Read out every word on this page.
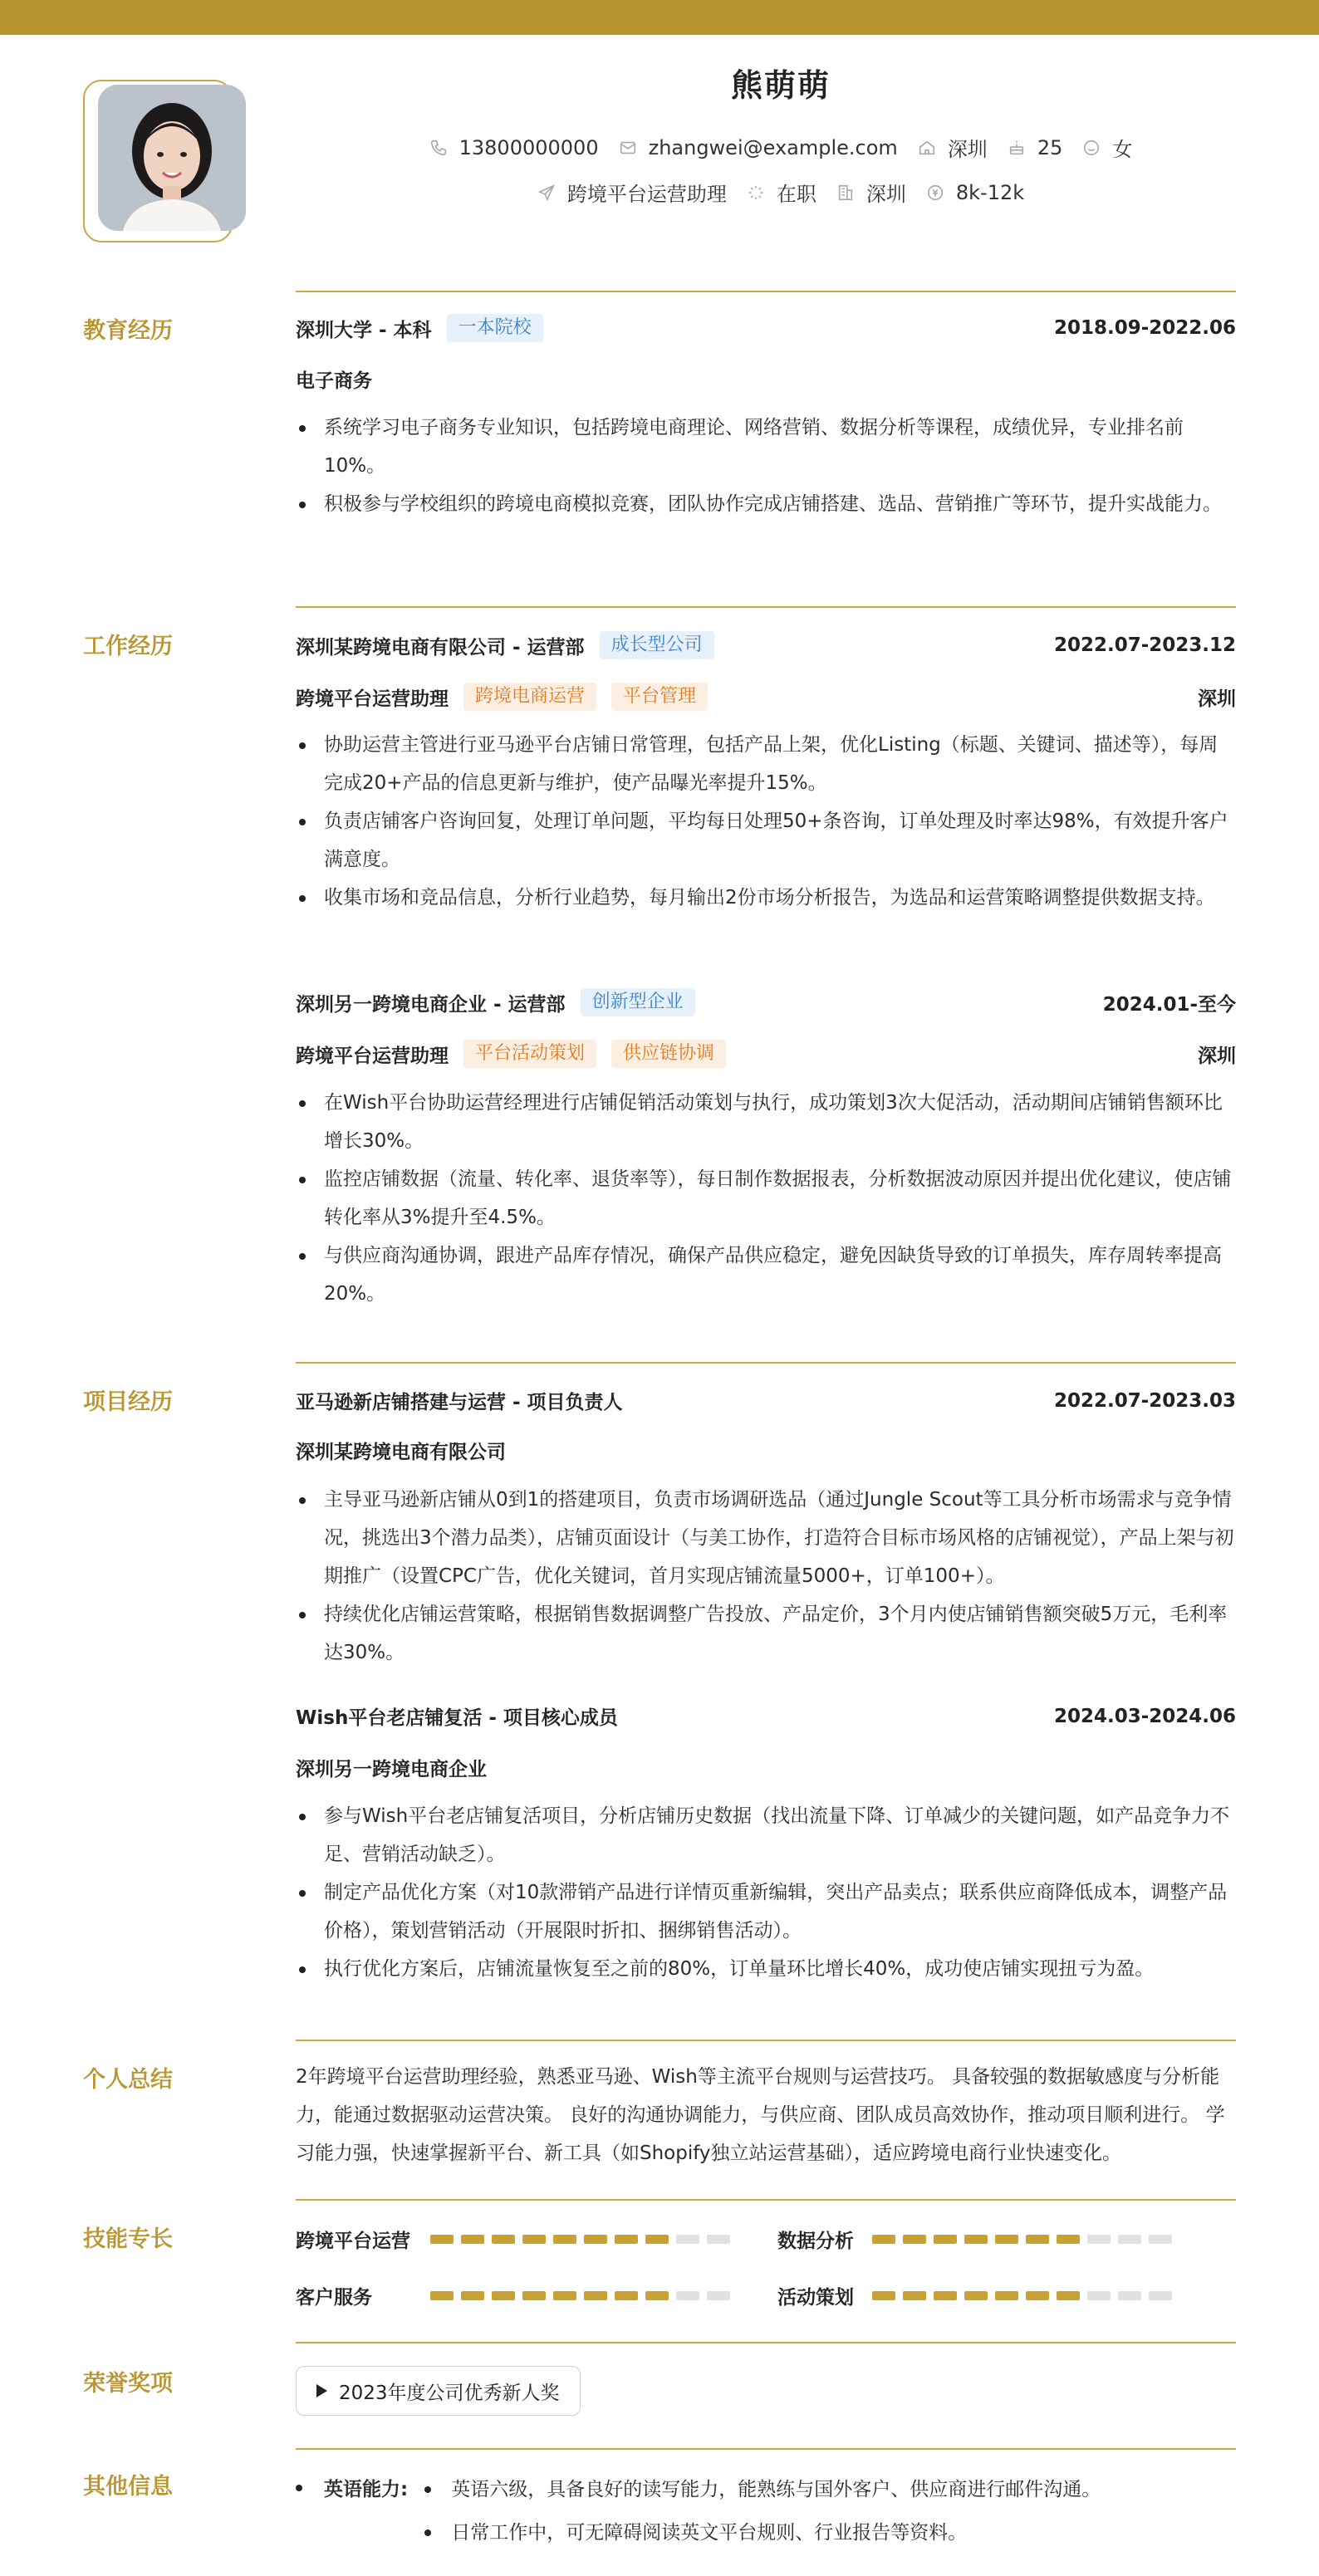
熊萌萌
13800000000	zhangwei@example.com	深圳	25	女
跨境平台运营助理	在职	深圳	8k-12k
教育经历	深圳大学 - 本科	一本院校	2018.09-2022.06
电子商务
系统学习电子商务专业知识，包括跨境电商理论、网络营销、数据分析等课程，成绩优异，专业排名前10%。
积极参与学校组织的跨境电商模拟竞赛，团队协作完成店铺搭建、选品、营销推广等环节，提升实战能力。
工作经历	深圳某跨境电商有限公司 - 运营部	成长型公司	2022.07-2023.12
跨境平台运营助理	跨境电商运营	平台管理	深圳
协助运营主管进行亚马逊平台店铺日常管理，包括产品上架，优化Listing（标题、关键词、描述等），每周完成20+产品的信息更新与维护，使产品曝光率提升15%。
负责店铺客户咨询回复，处理订单问题，平均每日处理50+条咨询，订单处理及时率达98%，有效提升客户满意度。
收集市场和竞品信息，分析行业趋势，每月输出2份市场分析报告，为选品和运营策略调整提供数据支持。
深圳另一跨境电商企业 - 运营部	创新型企业	2024.01-至今
跨境平台运营助理	平台活动策划	供应链协调	深圳
在Wish平台协助运营经理进行店铺促销活动策划与执行，成功策划3次大促活动，活动期间店铺销售额环比增长30%。
监控店铺数据（流量、转化率、退货率等），每日制作数据报表，分析数据波动原因并提出优化建议，使店铺转化率从3%提升至4.5%。
与供应商沟通协调，跟进产品库存情况，确保产品供应稳定，避免因缺货导致的订单损失，库存周转率提高20%。
项目经历	亚马逊新店铺搭建与运营 - 项目负责人	2022.07-2023.03
深圳某跨境电商有限公司
主导亚马逊新店铺从0到1的搭建项目，负责市场调研选品（通过Jungle Scout等工具分析市场需求与竞争情况，挑选出3个潜力品类），店铺页面设计（与美工协作，打造符合目标市场风格的店铺视觉），产品上架与初期推广（设置CPC广告，优化关键词，首月实现店铺流量5000+，订单100+）。
持续优化店铺运营策略，根据销售数据调整广告投放、产品定价，3个月内使店铺销售额突破5万元，毛利率达30%。
Wish平台老店铺复活 - 项目核心成员	2024.03-2024.06
深圳另一跨境电商企业
参与Wish平台老店铺复活项目，分析店铺历史数据（找出流量下降、订单减少的关键问题，如产品竞争力不足、营销活动缺乏）。
制定产品优化方案（对10款滞销产品进行详情页重新编辑，突出产品卖点；联系供应商降低成本，调整产品价格），策划营销活动（开展限时折扣、捆绑销售活动）。
执行优化方案后，店铺流量恢复至之前的80%，订单量环比增长40%，成功使店铺实现扭亏为盈。
个人总结	2年跨境平台运营助理经验，熟悉亚马逊、Wish等主流平台规则与运营技巧。 具备较强的数据敏感度与分析能力，能通过数据驱动运营决策。 良好的沟通协调能力，与供应商、团队成员高效协作，推动项目顺利进行。 学习能力强，快速掌握新平台、新工具（如Shopify独立站运营基础），适应跨境电商行业快速变化。
技能专长	跨境平台运营	数据分析
客户服务	活动策划
荣誉奖项	2023年度公司优秀新人奖
其他信息	英语能力: 英语六级，具备良好的读写能力，能熟练与国外客户、供应商进行邮件沟通。
日常工作中，可无障碍阅读英文平台规则、行业报告等资料。
